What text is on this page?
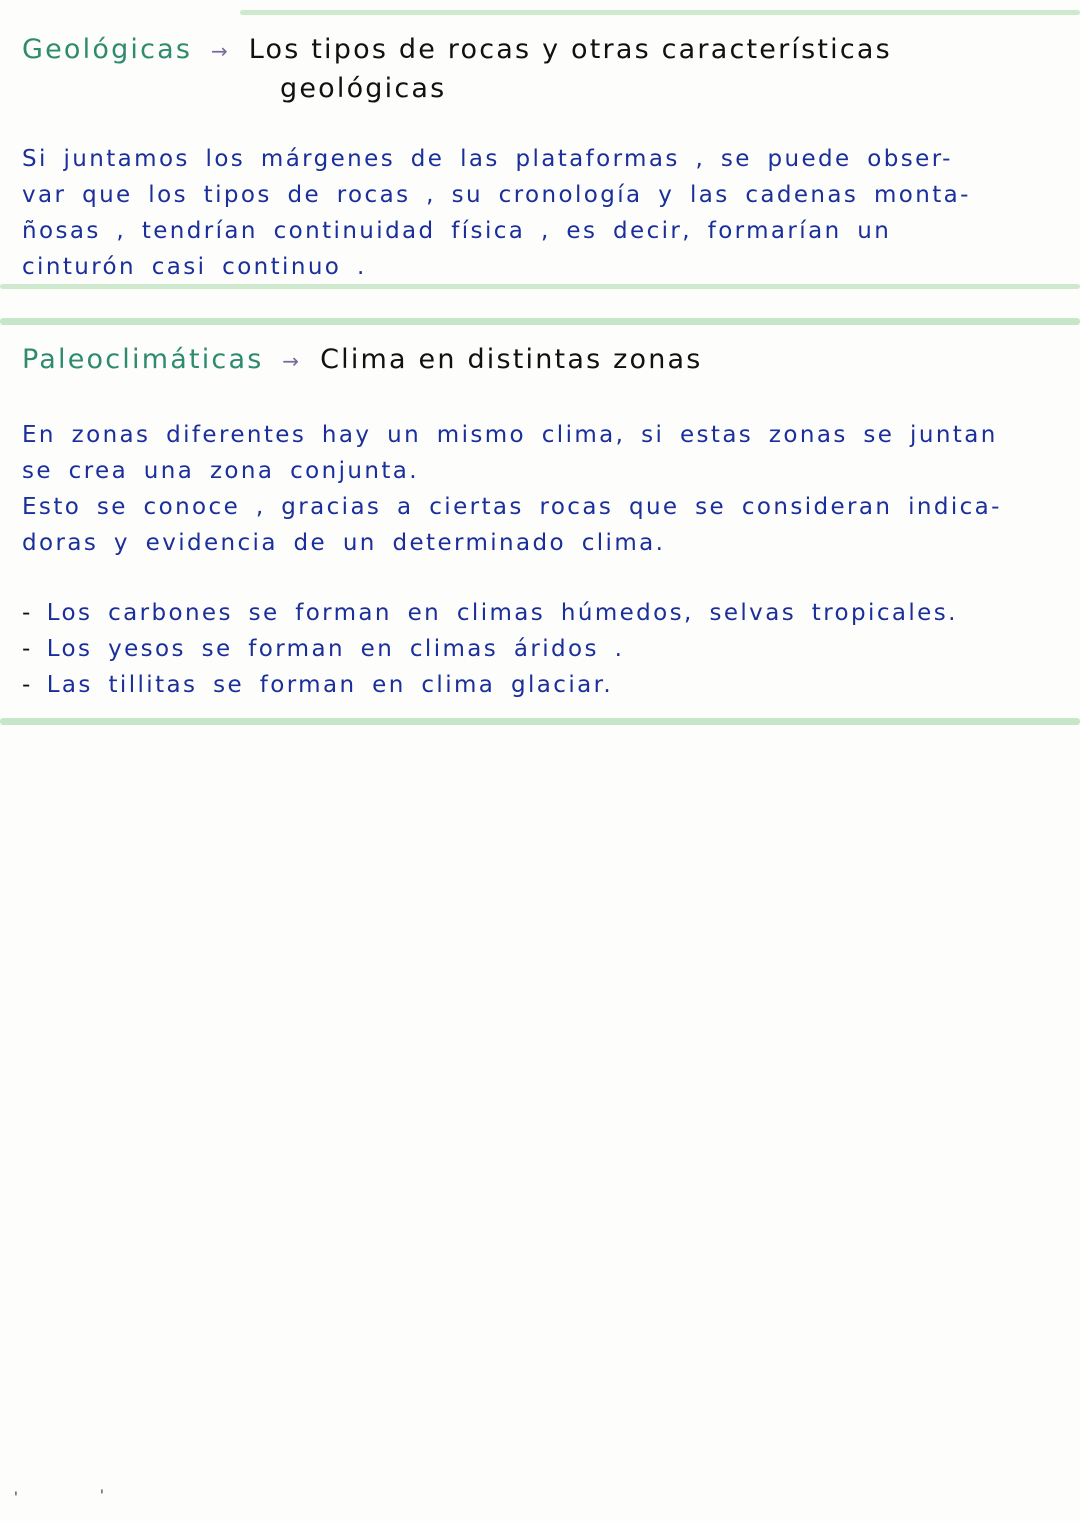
Geológicas → Los tipos de rocas y otras características
geológicas

Si juntamos los márgenes de las plataformas , se puede obser-

var que los tipos de rocas , su cronología y las cadenas monta-

ñosas , tendrían continuidad física , es decir, formarían un

cinturón casi continuo .

Paleoclimáticas → Clima en distintas zonas

En zonas diferentes hay un mismo clima, si estas zonas se juntan

se crea una zona conjunta.

Esto se conoce , gracias a ciertas rocas que se consideran indica-

doras y evidencia de un determinado clima.

- Los carbones se forman en climas húmedos, selvas tropicales.
- Los yesos se forman en climas áridos .
- Las tillitas se forman en clima glaciar.
'	'
